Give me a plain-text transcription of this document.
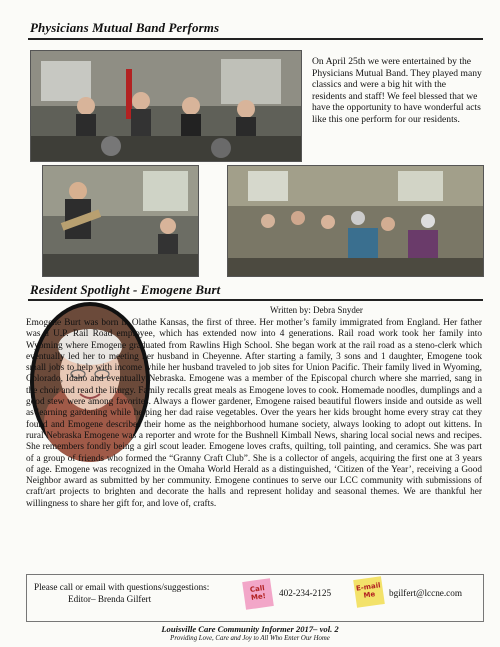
Physicians Mutual Band Performs
On April 25th we were entertained by the Physicians Mutual Band. They played many classics and were a big hit with the residents and staff! We feel blessed that we have the opportunity to have wonderful acts like this one perform for our residents.
Resident Spotlight - Emogene Burt
Written by: Debra Snyder
Emogene Burt was born in Olathe Kansas, the first of three. Her mother’s family immigrated from England. Her father was a U.P. Rail Road employee, which has extended now into 4 generations. Rail road work took her family into Wyoming where Emogene graduated from Rawlins High School. She began work at the rail road as a steno-clerk which eventually led her to meeting her husband in Cheyenne. After starting a family, 3 sons and 1 daughter, Emogene took small jobs to help with income while her husband traveled to job sites for Union Pacific. Their family lived in Wyoming, Colorado, Idaho and eventually Nebraska. Emogene was a member of the Episcopal church where she married, sang in the choir and read the liturgy. Family recalls great meals as Emogene loves to cook. Homemade noodles, dumplings and a good stew were among favorites. Always a flower gardener, Emogene raised beautiful flowers inside and outside as well as learning gardening while helping her dad raise vegetables. Over the years her kids brought home every stray cat they found and Emogene describes their home as the neighborhood humane society, always looking to adopt out kittens. In rural Nebraska Emogene was a reporter and wrote for the Bushnell Kimball News, sharing local social news and recipes. She remembers fondly being a girl scout leader. Emogene loves crafts, quilting, toll painting, and ceramics. She was part of a group of friends who formed the “Granny Craft Club”. She is a collector of angels, acquiring the first one at 3 years of age. Emogene was recognized in the Omaha World Herald as a distinguished, ‘Citizen of the Year’, receiving a Good Neighbor award as submitted by her community. Emogene continues to serve our LCC community with submissions of craft/art projects to brighten and decorate the halls and represent holiday and seasonal themes. We are thankful her willingness to share her gift for, and love of, crafts.
Please call or email with questions/suggestions:
Editor– Brenda Gilfert
Call Me!	402-234-2125
E-mail Me	bgilfert@lccne.com
Louisville Care Community Informer 2017– vol. 2
Providing Love, Care and Joy to All Who Enter Our Home
